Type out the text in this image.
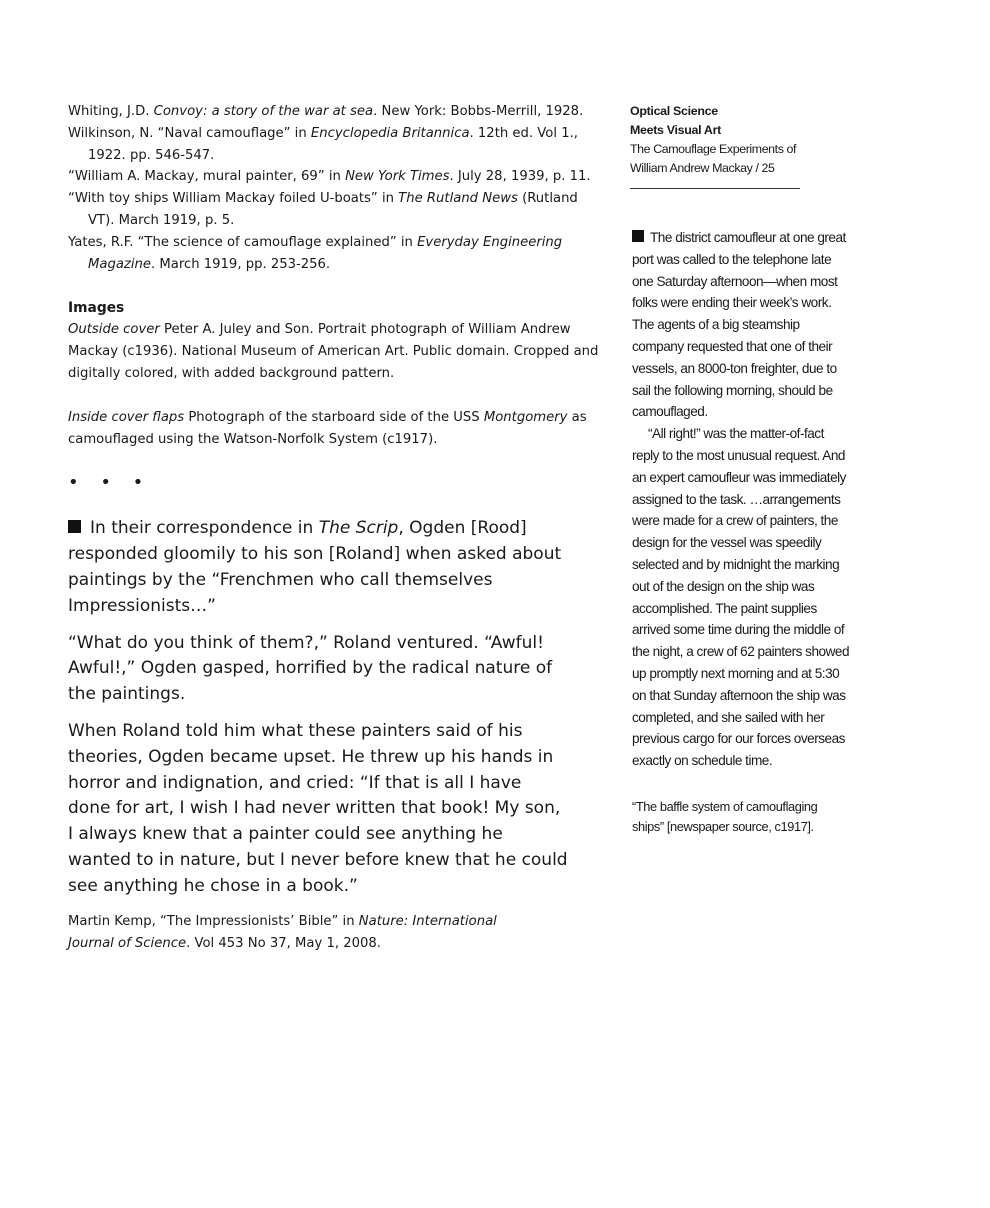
Whiting, J.D. Convoy: a story of the war at sea. New York: Bobbs-Merrill, 1928.

Wilkinson, N. “Naval camouflage” in Encyclopedia Britannica. 12th ed. Vol 1., 1922. pp. 546-547.

“William A. Mackay, mural painter, 69” in New York Times. July 28, 1939, p. 11.

“With toy ships William Mackay foiled U-boats” in The Rutland News (Rutland VT). March 1919, p. 5.

Yates, R.F. “The science of camouflage explained” in Everyday Engineering Magazine. March 1919, pp. 253-256.

Images

Outside cover Peter A. Juley and Son. Portrait photograph of William Andrew Mackay (c1936). National Museum of American Art. Public domain. Cropped and digitally colored, with added background pattern.

Inside cover flaps Photograph of the starboard side of the USS Montgomery as camouflaged using the Watson-Norfolk System (c1917).

• • •

In their correspondence in The Scrip, Ogden [Rood] responded gloomily to his son [Roland] when asked about paintings by the “Frenchmen who call themselves Impressionists…”

“What do you think of them?,” Roland ventured. “Awful! Awful!,” Ogden gasped, horrified by the radical nature of the paintings.

When Roland told him what these painters said of his theories, Ogden became upset. He threw up his hands in horror and indignation, and cried: “If that is all I have done for art, I wish I had never written that book! My son, I always knew that a painter could see anything he wanted to in nature, but I never before knew that he could see anything he chose in a book.”

Martin Kemp, “The Impressionists’ Bible” in Nature: International Journal of Science. Vol 453 No 37, May 1, 2008.
Optical Science
Meets Visual Art
The Camouflage Experiments of
William Andrew Mackay / 25

The district camoufleur at one great port was called to the telephone late one Saturday afternoon—when most folks were ending their week’s work. The agents of a big steamship company requested that one of their vessels, an 8000-ton freighter, due to sail the following morning, should be camouflaged.

“All right!” was the matter-of-fact reply to the most unusual request. And an expert camoufleur was immediately assigned to the task. …arrangements were made for a crew of painters, the design for the vessel was speedily selected and by midnight the marking out of the design on the ship was accomplished. The paint supplies arrived some time during the middle of the night, a crew of 62 painters showed up promptly next morning and at 5:30 on that Sunday afternoon the ship was completed, and she sailed with her previous cargo for our forces overseas exactly on schedule time.

“The baffle system of camouflaging ships” [newspaper source, c1917].
